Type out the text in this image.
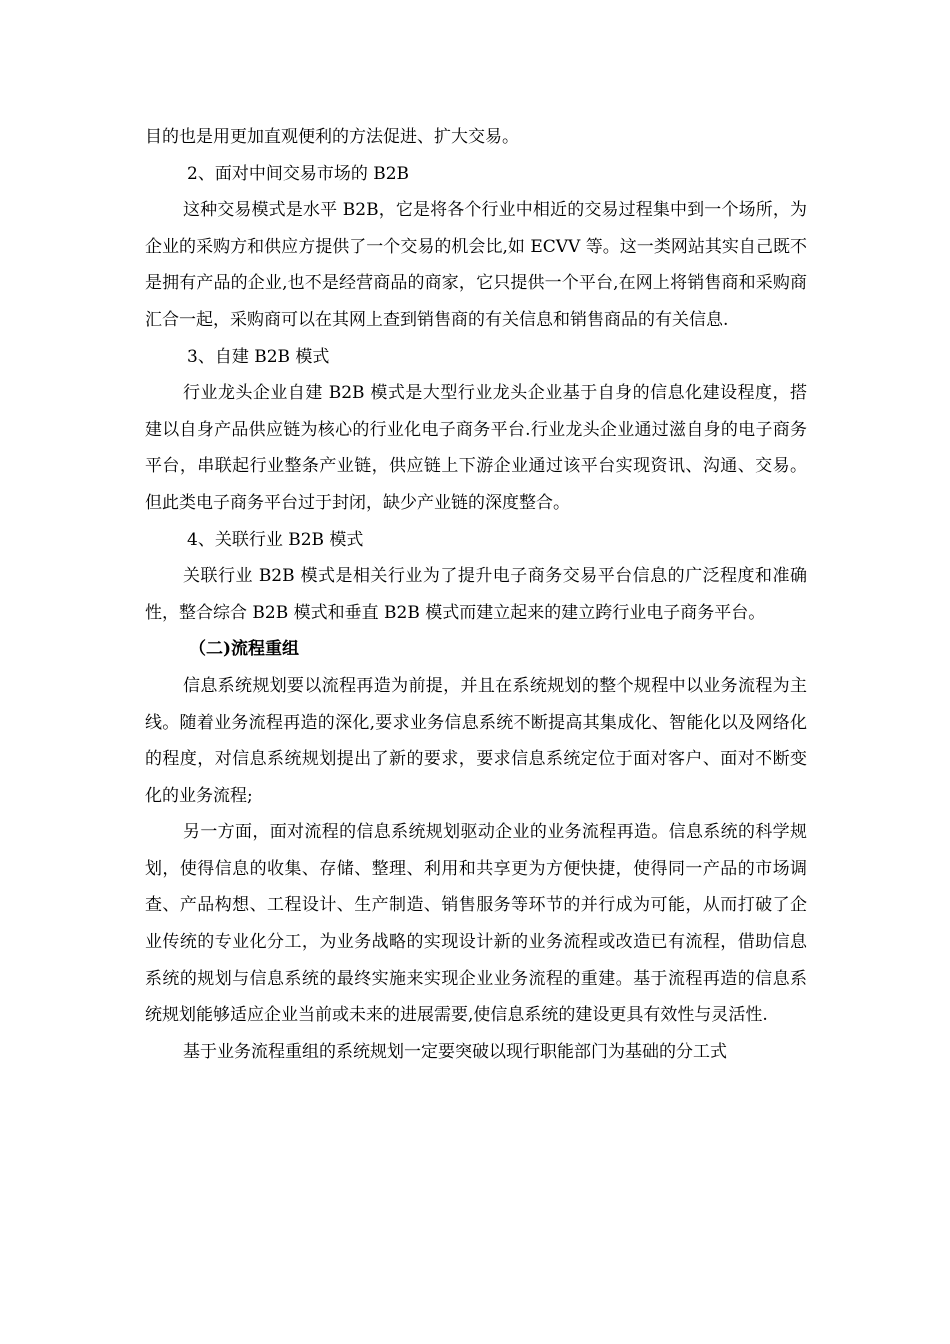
目的也是用更加直观便利的方法促进、扩大交易。

2、面对中间交易市场的 B2B

这种交易模式是水平 B2B，它是将各个行业中相近的交易过程集中到一个场所，为企业的采购方和供应方提供了一个交易的机会比,如 ECVV 等。这一类网站其实自己既不是拥有产品的企业,也不是经营商品的商家，它只提供一个平台,在网上将销售商和采购商汇合一起，采购商可以在其网上查到销售商的有关信息和销售商品的有关信息.

3、自建 B2B 模式

行业龙头企业自建 B2B 模式是大型行业龙头企业基于自身的信息化建设程度，搭建以自身产品供应链为核心的行业化电子商务平台.行业龙头企业通过滋自身的电子商务平台，串联起行业整条产业链，供应链上下游企业通过该平台实现资讯、沟通、交易。但此类电子商务平台过于封闭，缺少产业链的深度整合。

4、关联行业 B2B 模式

关联行业 B2B 模式是相关行业为了提升电子商务交易平台信息的广泛程度和准确性，整合综合 B2B 模式和垂直 B2B 模式而建立起来的建立跨行业电子商务平台。

（二)流程重组

信息系统规划要以流程再造为前提，并且在系统规划的整个规程中以业务流程为主线。随着业务流程再造的深化,要求业务信息系统不断提高其集成化、智能化以及网络化的程度，对信息系统规划提出了新的要求，要求信息系统定位于面对客户、面对不断变化的业务流程;

另一方面，面对流程的信息系统规划驱动企业的业务流程再造。信息系统的科学规划，使得信息的收集、存储、整理、利用和共享更为方便快捷，使得同一产品的市场调查、产品构想、工程设计、生产制造、销售服务等环节的并行成为可能，从而打破了企业传统的专业化分工，为业务战略的实现设计新的业务流程或改造已有流程，借助信息系统的规划与信息系统的最终实施来实现企业业务流程的重建。基于流程再造的信息系统规划能够适应企业当前或未来的进展需要,使信息系统的建设更具有效性与灵活性.

基于业务流程重组的系统规划一定要突破以现行职能部门为基础的分工式
